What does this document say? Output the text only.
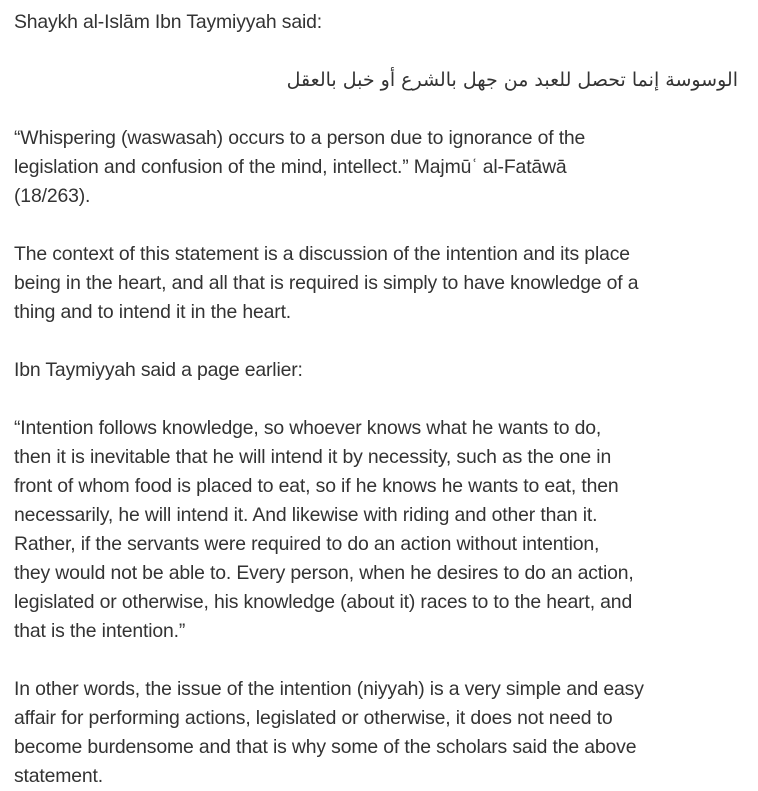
Shaykh al-Islām Ibn Taymiyyah said:

الوسوسة إنما تحصل للعبد من جهل بالشرع أو خبل بالعقل

“Whispering (waswasah) occurs to a person due to ignorance of the

legislation and confusion of the mind, intellect.” Majmūʿ al-Fatāwā

(18/263).

The context of this statement is a discussion of the intention and its place

being in the heart, and all that is required is simply to have knowledge of a

thing and to intend it in the heart.

Ibn Taymiyyah said a page earlier:

“Intention follows knowledge, so whoever knows what he wants to do,

then it is inevitable that he will intend it by necessity, such as the one in

front of whom food is placed to eat, so if he knows he wants to eat, then

necessarily, he will intend it. And likewise with riding and other than it.

Rather, if the servants were required to do an action without intention,

they would not be able to. Every person, when he desires to do an action,

legislated or otherwise, his knowledge (about it) races to to the heart, and

that is the intention.”

In other words, the issue of the intention (niyyah) is a very simple and easy

affair for performing actions, legislated or otherwise, it does not need to

become burdensome and that is why some of the scholars said the above

statement.
